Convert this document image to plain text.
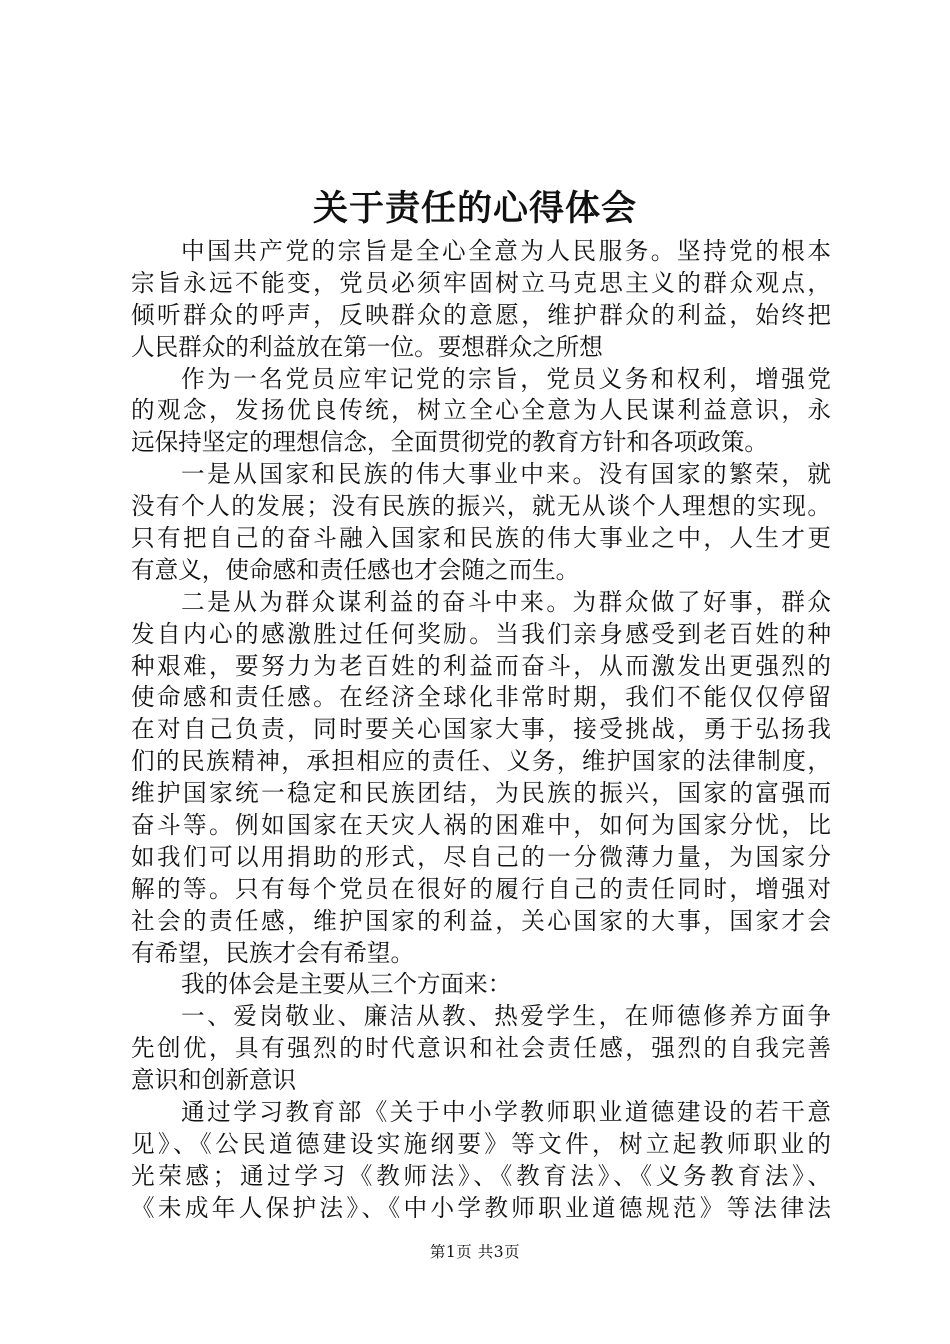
关于责任的心得体会
中国共产党的宗旨是全心全意为人民服务。坚持党的根本
宗旨永远不能变，党员必须牢固树立马克思主义的群众观点，
倾听群众的呼声，反映群众的意愿，维护群众的利益，始终把
人民群众的利益放在第一位。要想群众之所想
作为一名党员应牢记党的宗旨，党员义务和权利，增强党
的观念，发扬优良传统，树立全心全意为人民谋利益意识，永
远保持坚定的理想信念，全面贯彻党的教育方针和各项政策。
一是从国家和民族的伟大事业中来。没有国家的繁荣，就
没有个人的发展；没有民族的振兴，就无从谈个人理想的实现。
只有把自己的奋斗融入国家和民族的伟大事业之中，人生才更
有意义，使命感和责任感也才会随之而生。
二是从为群众谋利益的奋斗中来。为群众做了好事，群众
发自内心的感激胜过任何奖励。当我们亲身感受到老百姓的种
种艰难，要努力为老百姓的利益而奋斗，从而激发出更强烈的
使命感和责任感。在经济全球化非常时期，我们不能仅仅停留
在对自己负责，同时要关心国家大事，接受挑战，勇于弘扬我
们的民族精神，承担相应的责任、义务，维护国家的法律制度，
维护国家统一稳定和民族团结，为民族的振兴，国家的富强而
奋斗等。例如国家在天灾人祸的困难中，如何为国家分忧，比
如我们可以用捐助的形式，尽自己的一分微薄力量，为国家分
解的等。只有每个党员在很好的履行自己的责任同时，增强对
社会的责任感，维护国家的利益，关心国家的大事，国家才会
有希望，民族才会有希望。
我的体会是主要从三个方面来：
一、爱岗敬业、廉洁从教、热爱学生，在师德修养方面争
先创优，具有强烈的时代意识和社会责任感，强烈的自我完善
意识和创新意识
通过学习教育部《关于中小学教师职业道德建设的若干意
见》、《公民道德建设实施纲要》等文件，树立起教师职业的
光荣感；通过学习《教师法》、《教育法》、《义务教育法》、
《未成年人保护法》、《中小学教师职业道德规范》等法律法
第1页 共3页
